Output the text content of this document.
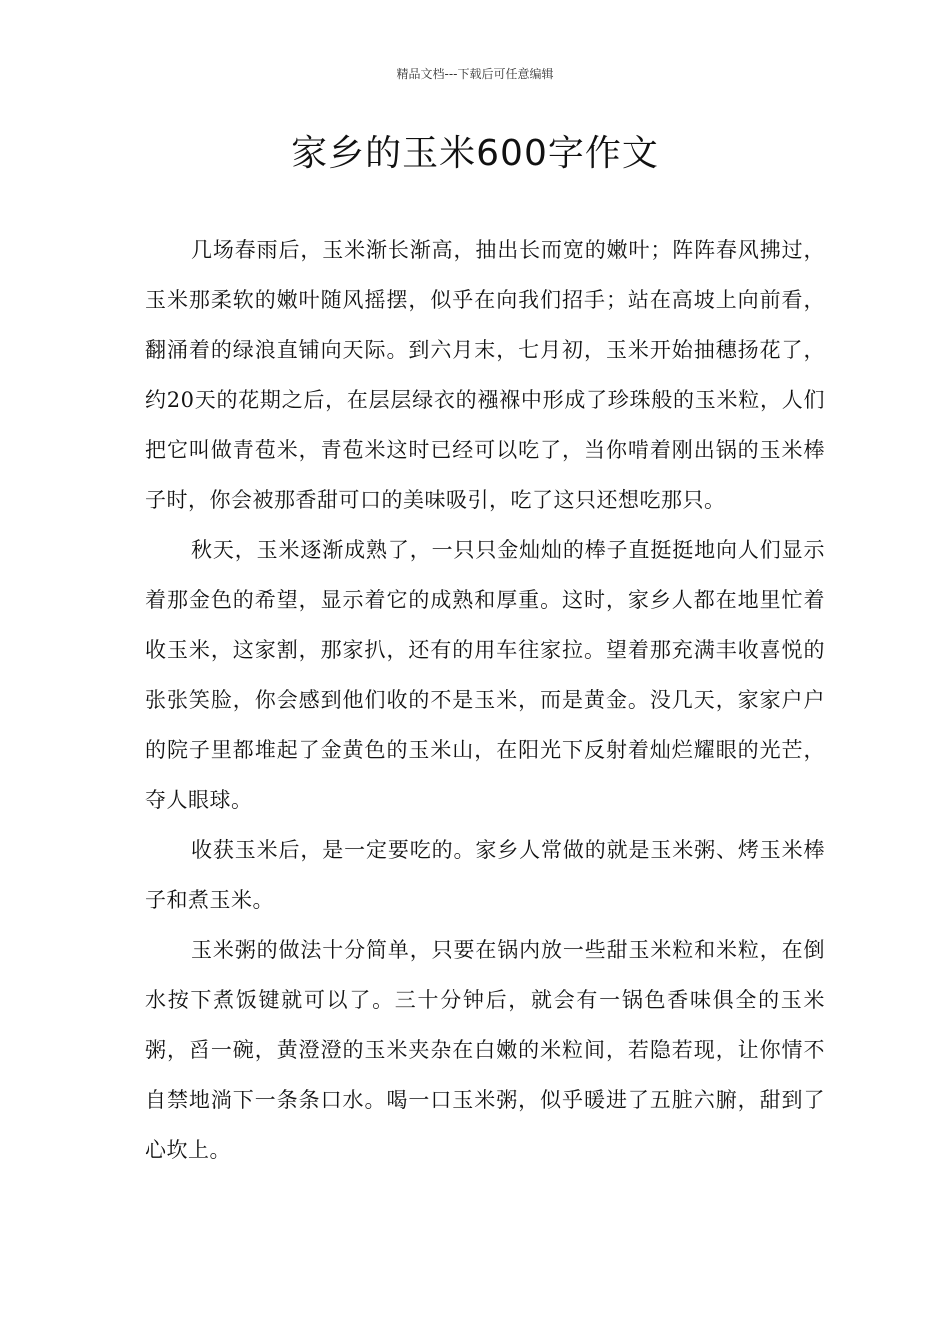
精品文档---下载后可任意编辑
家乡的玉米600字作文

几场春雨后，玉米渐长渐高，抽出长而宽的嫩叶；阵阵春风拂过，玉米那柔软的嫩叶随风摇摆，似乎在向我们招手；站在高坡上向前看，翻涌着的绿浪直铺向天际。到六月末，七月初，玉米开始抽穗扬花了，约20天的花期之后，在层层绿衣的襁褓中形成了珍珠般的玉米粒，人们把它叫做青苞米，青苞米这时已经可以吃了，当你啃着刚出锅的玉米棒子时，你会被那香甜可口的美味吸引，吃了这只还想吃那只。

秋天，玉米逐渐成熟了，一只只金灿灿的棒子直挺挺地向人们显示着那金色的希望，显示着它的成熟和厚重。这时，家乡人都在地里忙着收玉米，这家割，那家扒，还有的用车往家拉。望着那充满丰收喜悦的张张笑脸，你会感到他们收的不是玉米，而是黄金。没几天，家家户户的院子里都堆起了金黄色的玉米山，在阳光下反射着灿烂耀眼的光芒，夺人眼球。

收获玉米后，是一定要吃的。家乡人常做的就是玉米粥、烤玉米棒子和煮玉米。

玉米粥的做法十分简单，只要在锅内放一些甜玉米粒和米粒，在倒水按下煮饭键就可以了。三十分钟后，就会有一锅色香味俱全的玉米粥，舀一碗，黄澄澄的玉米夹杂在白嫩的米粒间，若隐若现，让你情不自禁地淌下一条条口水。喝一口玉米粥，似乎暖进了五脏六腑，甜到了心坎上。
